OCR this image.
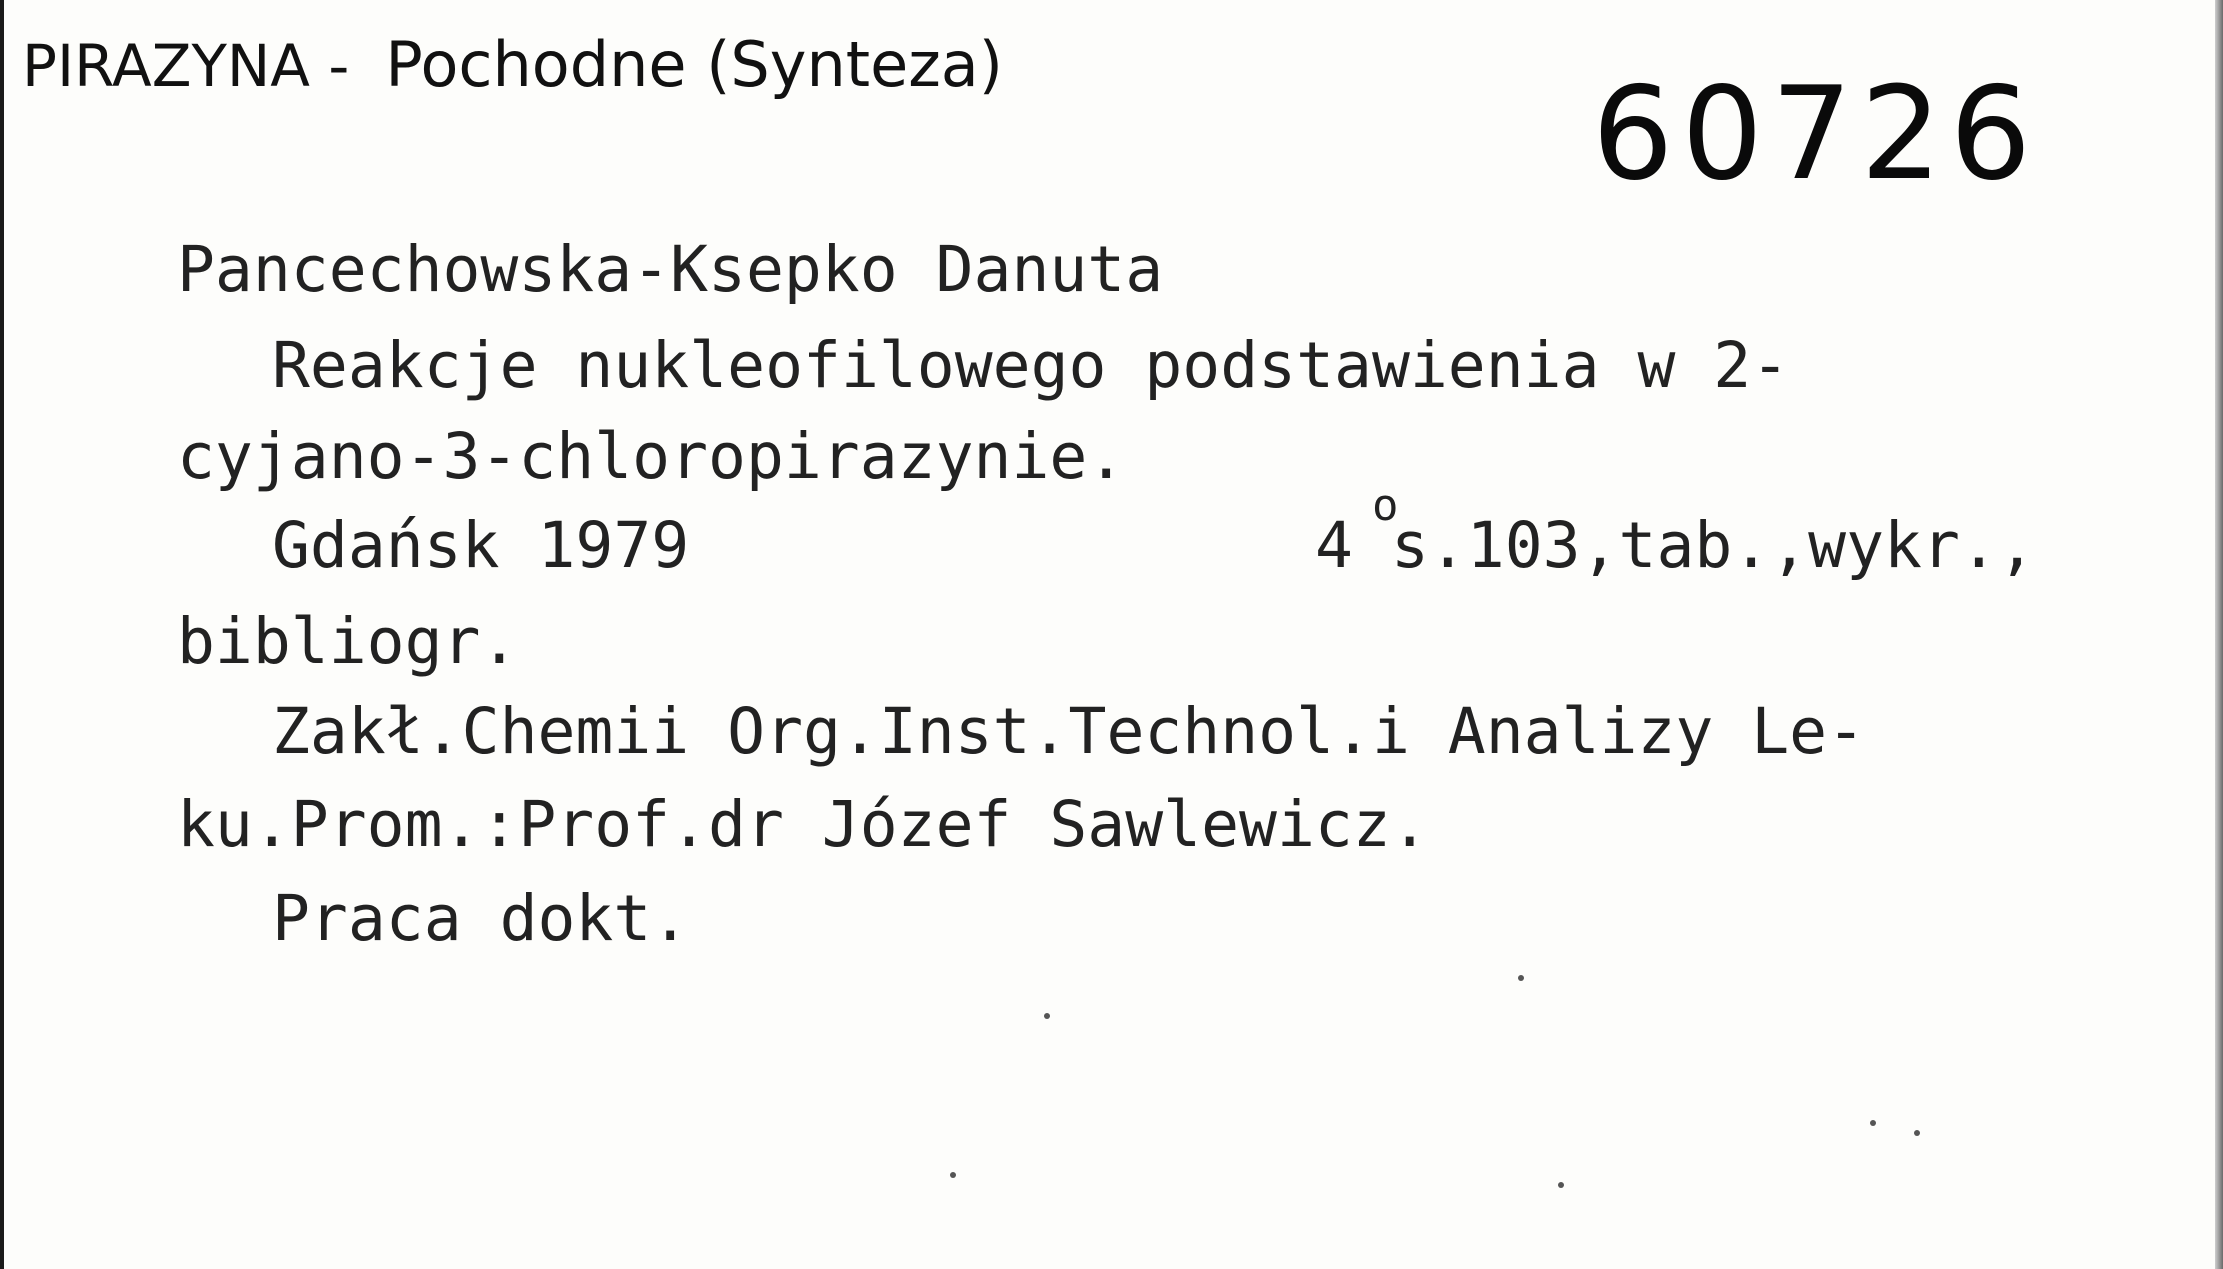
PIRAZYNA - Pochodne (Synteza)	60726
Pancechowska-Ksepko Danuta
Reakcje nukleofilowego podstawienia w 2-
cyjano-3-chloropirazynie.
Gdańsk 1979	4 s.103,tab.,wykr.,
o
bibliogr.
Zakł.Chemii Org.Inst.Technol.i Analizy Le-
ku.Prom.:Prof.dr Józef Sawlewicz.
Praca dokt.
